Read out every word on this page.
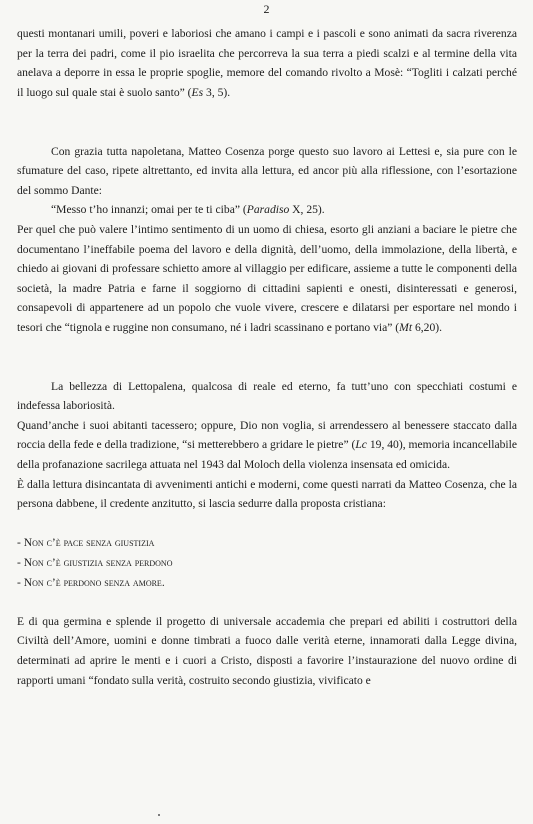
2

questi montanari umili, poveri e laboriosi che amano i campi e i pascoli e sono animati da sacra riverenza per la terra dei padri, come il pio israelita che percorreva la sua terra a piedi scalzi e al termine della vita anelava a deporre in essa le proprie spoglie, memore del comando rivolto a Mosè: “Togliti i calzati perché il luogo sul quale stai è suolo santo” (Es 3, 5).

Con grazia tutta napoletana, Matteo Cosenza porge questo suo lavoro ai Lettesi e, sia pure con le sfumature del caso, ripete altrettanto, ed invita alla lettura, ed ancor più alla riflessione, con l’esortazione del sommo Dante:

“Messo t’ho innanzi; omai per te ti ciba” (Paradiso X, 25).

Per quel che può valere l’intimo sentimento di un uomo di chiesa, esorto gli anziani a baciare le pietre che documentano l’ineffabile poema del lavoro e della dignità, dell’uomo, della immolazione, della libertà, e chiedo ai giovani di professare schietto amore al villaggio per edificare, assieme a tutte le componenti della società, la madre Patria e farne il soggiorno di cittadini sapienti e onesti, disinteressati e generosi, consapevoli di appartenere ad un popolo che vuole vivere, crescere e dilatarsi per esportare nel mondo i tesori che “tignola e ruggine non consumano, né i ladri scassinano e portano via” (Mt 6,20).

La bellezza di Lettopalena, qualcosa di reale ed eterno, fa tutt’uno con specchiati costumi e indefessa laboriosità.

Quand’anche i suoi abitanti tacessero; oppure, Dio non voglia, si arrendessero al benessere staccato dalla roccia della fede e della tradizione, “si metterebbero a gridare le pietre” (Lc 19, 40), memoria incancellabile della profanazione sacrilega attuata nel 1943 dal Moloch della violenza insensata ed omicida.

È dalla lettura disincantata di avvenimenti antichi e moderni, come questi narrati da Matteo Cosenza, che la persona dabbene, il credente anzitutto, si lascia sedurre dalla proposta cristiana:

- Non c’è pace senza giustizia

- Non c’è giustizia senza perdono

- Non c’è perdono senza amore.

E di qua germina e splende il progetto di universale accademia che prepari ed abiliti i costruttori della Civiltà dell’Amore, uomini e donne timbrati a fuoco dalle verità eterne, innamorati dalla Legge divina, determinati ad aprire le menti e i cuori a Cristo, disposti a favorire l’instaurazione del nuovo ordine di rapporti umani “fondato sulla verità, costruito secondo giustizia, vivificato e
